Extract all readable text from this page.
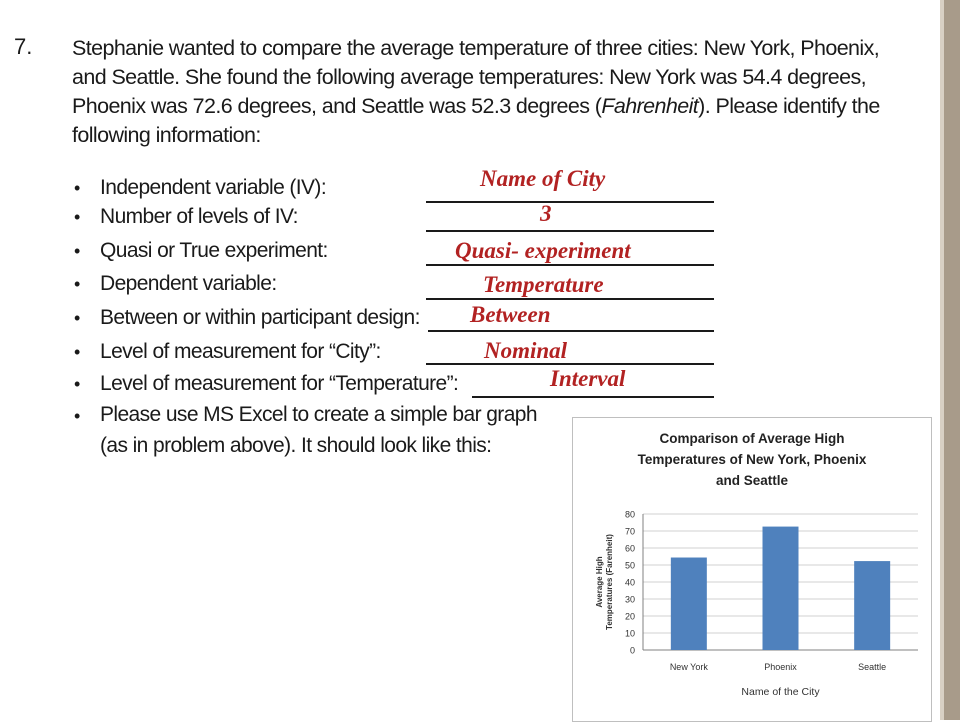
7. Stephanie wanted to compare the average temperature of three cities: New York, Phoenix,
and Seattle. She found the following average temperatures: New York was 54.4 degrees,
Phoenix was 72.6 degrees, and Seattle was 52.3 degrees (Fahrenheit). Please identify the
following information:
• Independent variable (IV):	Name of City
• Number of levels of IV:	3
• Quasi or True experiment:	Quasi- experiment
• Dependent variable:	Temperature
• Between or within participant design: Between
• Level of measurement for “City”:	Nominal
• Level of measurement for “Temperature”:	Interval
• Please use MS Excel to create a simple bar graph
(as in problem above). It should look like this:	Comparison of Average High
Temperatures of New York, Phoenix
and Seattle
0
10
20
30
40
50
60
70
80
New York	Phoenix	Seattle
Name of the City
Average High Temperatures (Farenheit)
